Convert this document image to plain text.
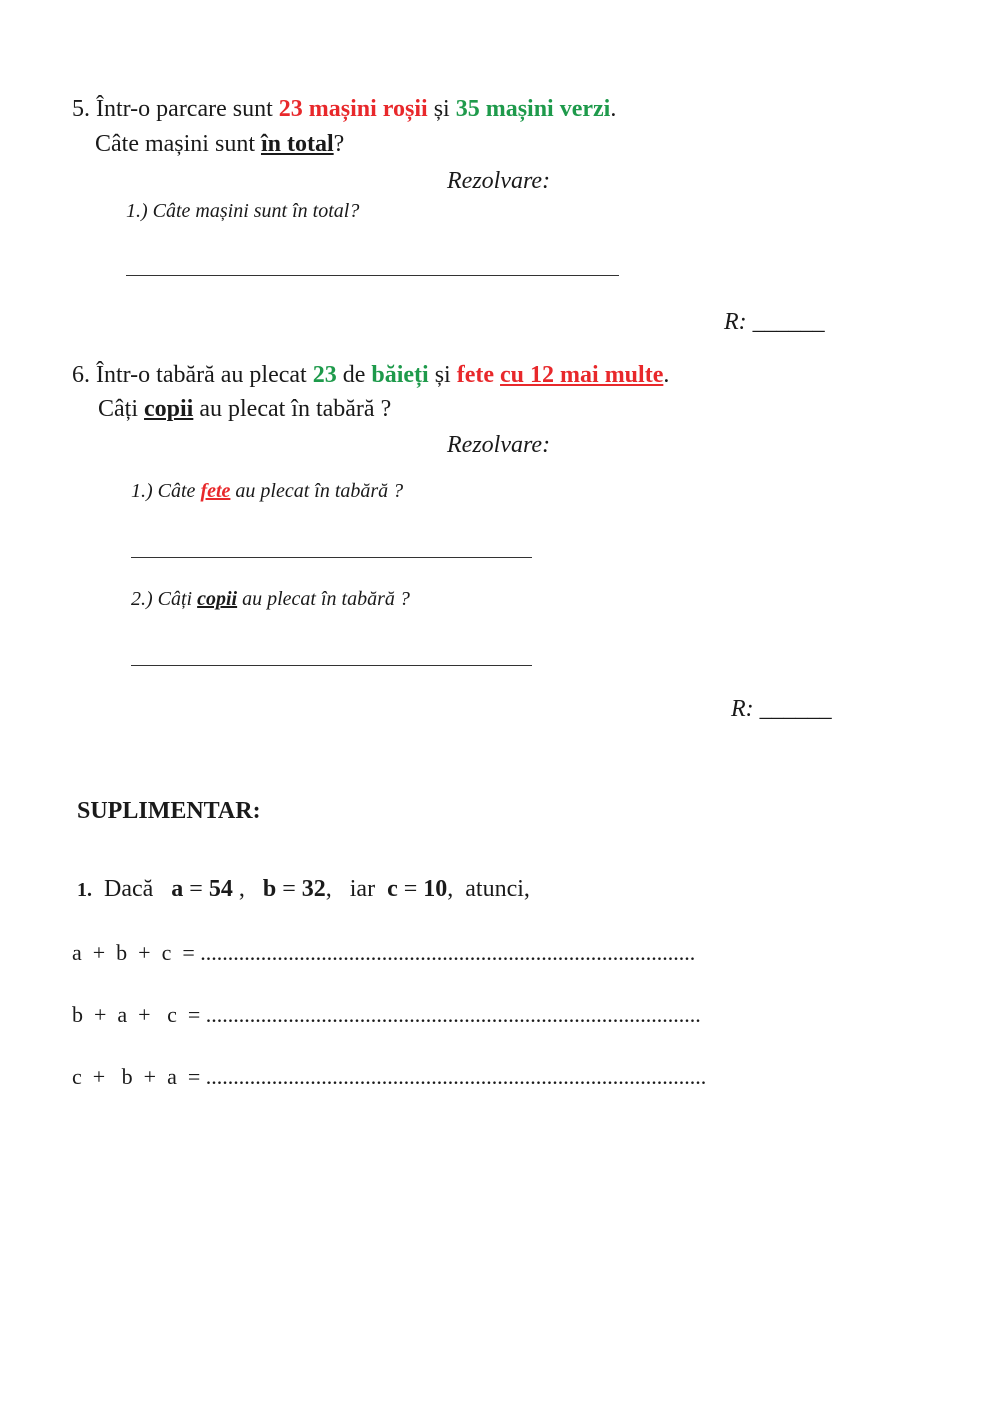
5. Într-o parcare sunt 23 mașini roșii și 35 mașini verzi.
Câte mașini sunt în total?
Rezolvare:
1.) Câte mașini sunt în total?
R: ______
6. Într-o tabără au plecat 23 de băieți și fete cu 12 mai multe.
Câți copii au plecat în tabără ?
Rezolvare:
1.) Câte fete au plecat în tabără ?
2.) Câți copii au plecat în tabără ?
R: ______
SUPLIMENTAR:
1.  Dacă   a = 54 ,   b = 32,   iar  c = 10,  atunci,
a  +  b  +  c  = ..........................................................................................
b  +  a  +   c  = ..........................................................................................
c  +   b  +  a  = ...........................................................................................
